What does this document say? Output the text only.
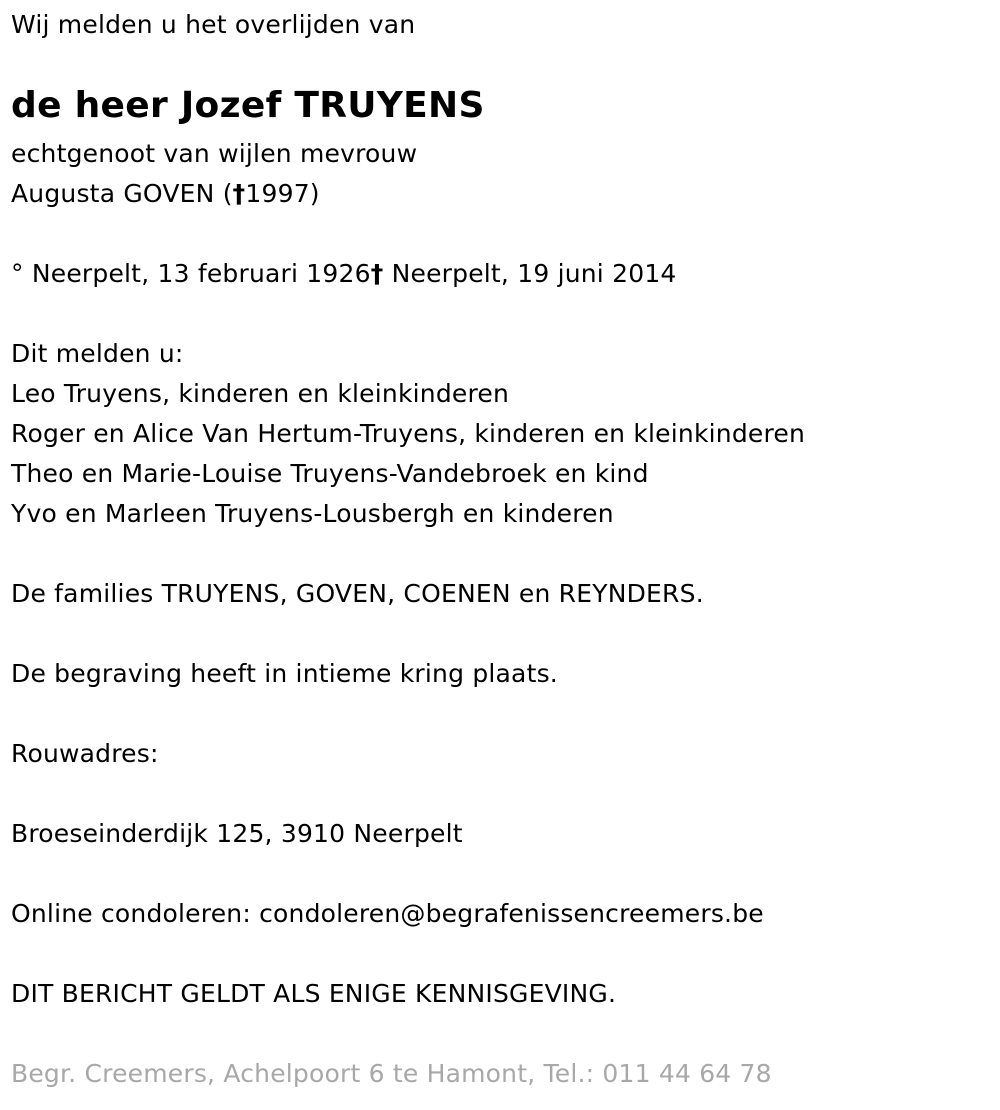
Wij melden u het overlijden van
de heer Jozef TRUYENS
echtgenoot van wijlen mevrouw
Augusta GOVEN (†1997)
° Neerpelt, 13 februari 1926† Neerpelt, 19 juni 2014
Dit melden u:
Leo Truyens, kinderen en kleinkinderen
Roger en Alice Van Hertum-Truyens, kinderen en kleinkinderen
Theo en Marie-Louise Truyens-Vandebroek en kind
Yvo en Marleen Truyens-Lousbergh en kinderen
De families TRUYENS, GOVEN, COENEN en REYNDERS.
De begraving heeft in intieme kring plaats.
Rouwadres:
Broeseinderdijk 125, 3910 Neerpelt
Online condoleren: condoleren@begrafenissencreemers.be
DIT BERICHT GELDT ALS ENIGE KENNISGEVING.
Begr. Creemers, Achelpoort 6 te Hamont, Tel.: 011 44 64 78
